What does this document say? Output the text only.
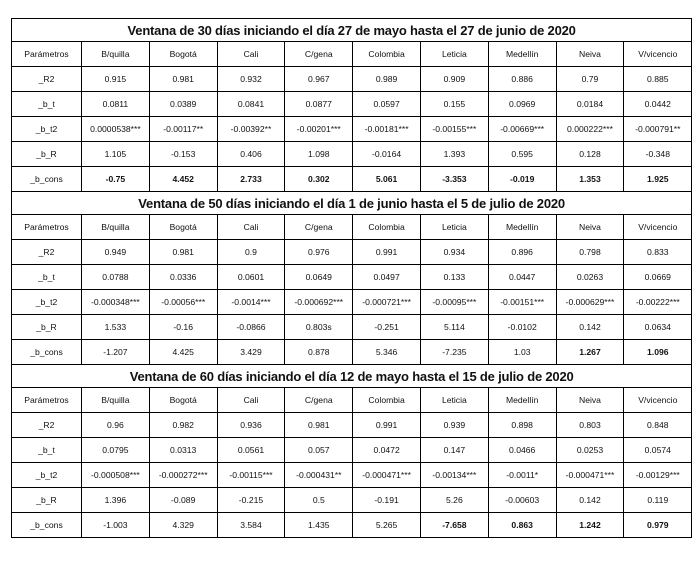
Ventana de 30 días iniciando el día 27 de mayo hasta el 27 de junio de 2020									
Parámetros	B/quilla	Bogotá	Cali	C/gena	Colombia	Leticia	Medellín	Neiva	V/vicencio
_R2	0.915	0.981	0.932	0.967	0.989	0.909	0.886	0.79	0.885
_b_t	0.0811	0.0389	0.0841	0.0877	0.0597	0.155	0.0969	0.0184	0.0442
_b_t2	0.0000538***	-0.00117**	-0.00392**	-0.00201***	-0.00181***	-0.00155***	-0.00669***	0.000222***	-0.000791**
_b_R	1.105	-0.153	0.406	1.098	-0.0164	1.393	0.595	0.128	-0.348
_b_cons	-0.75	4.452	2.733	0.302	5.061	-3.353	-0.019	1.353	1.925
Ventana de 50 días iniciando el día 1 de junio hasta el 5 de julio de 2020									
Parámetros	B/quilla	Bogotá	Cali	C/gena	Colombia	Leticia	Medellín	Neiva	V/vicencio
_R2	0.949	0.981	0.9	0.976	0.991	0.934	0.896	0.798	0.833
_b_t	0.0788	0.0336	0.0601	0.0649	0.0497	0.133	0.0447	0.0263	0.0669
_b_t2	-0.000348***	-0.00056***	-0.0014***	-0.000692***	-0.000721***	-0.00095***	-0.00151***	-0.000629***	-0.00222***
_b_R	1.533	-0.16	-0.0866	0.803s	-0.251	5.114	-0.0102	0.142	0.0634
_b_cons	-1.207	4.425	3.429	0.878	5.346	-7.235	1.03	1.267	1.096
Ventana de 60 días iniciando el día 12 de mayo hasta el 15 de julio de 2020									
Parámetros	B/quilla	Bogotá	Cali	C/gena	Colombia	Leticia	Medellín	Neiva	V/vicencio
_R2	0.96	0.982	0.936	0.981	0.991	0.939	0.898	0.803	0.848
_b_t	0.0795	0.0313	0.0561	0.057	0.0472	0.147	0.0466	0.0253	0.0574
_b_t2	-0.000508***	-0.000272***	-0.00115***	-0.000431**	-0.000471***	-0.00134***	-0.0011*	-0.000471***	-0.00129***
_b_R	1.396	-0.089	-0.215	0.5	-0.191	5.26	-0.00603	0.142	0.119
_b_cons	-1.003	4.329	3.584	1.435	5.265	-7.658	0.863	1.242	0.979
